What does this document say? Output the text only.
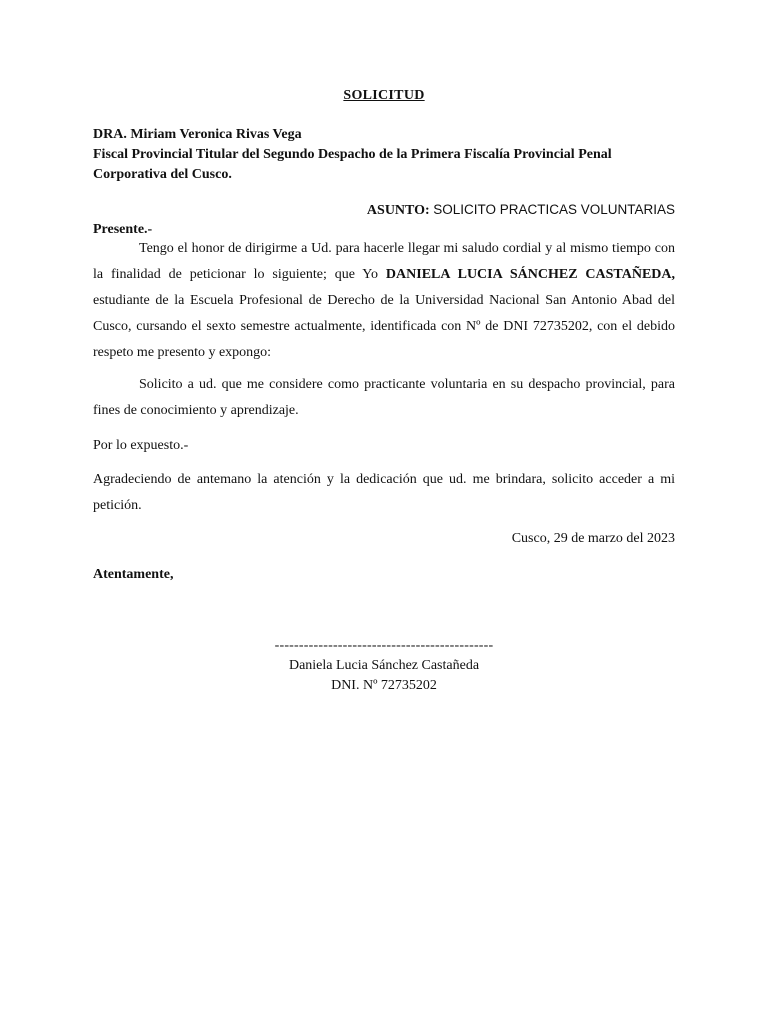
SOLICITUD
DRA. Miriam Veronica Rivas Vega
Fiscal Provincial Titular del Segundo Despacho de la Primera Fiscalía Provincial Penal
Corporativa del Cusco.
ASUNTO: SOLICITO PRACTICAS VOLUNTARIAS
Presente.-
Tengo el honor de dirigirme a Ud. para hacerle llegar mi saludo cordial y al mismo tiempo con la finalidad de peticionar lo siguiente; que Yo DANIELA LUCIA SÁNCHEZ CASTAÑEDA, estudiante de la Escuela Profesional de Derecho de la Universidad Nacional San Antonio Abad del Cusco, cursando el sexto semestre actualmente, identificada con Nº de DNI 72735202, con el debido respeto me presento y expongo:
Solicito a ud. que me considere como practicante voluntaria en su despacho provincial, para fines de conocimiento y aprendizaje.
Por lo expuesto.-
Agradeciendo de antemano la atención y la dedicación que ud. me brindara, solicito acceder a mi petición.
Cusco, 29 de marzo del 2023
Atentamente,
---------------------------------------------
Daniela Lucia Sánchez Castañeda
DNI. Nº 72735202
